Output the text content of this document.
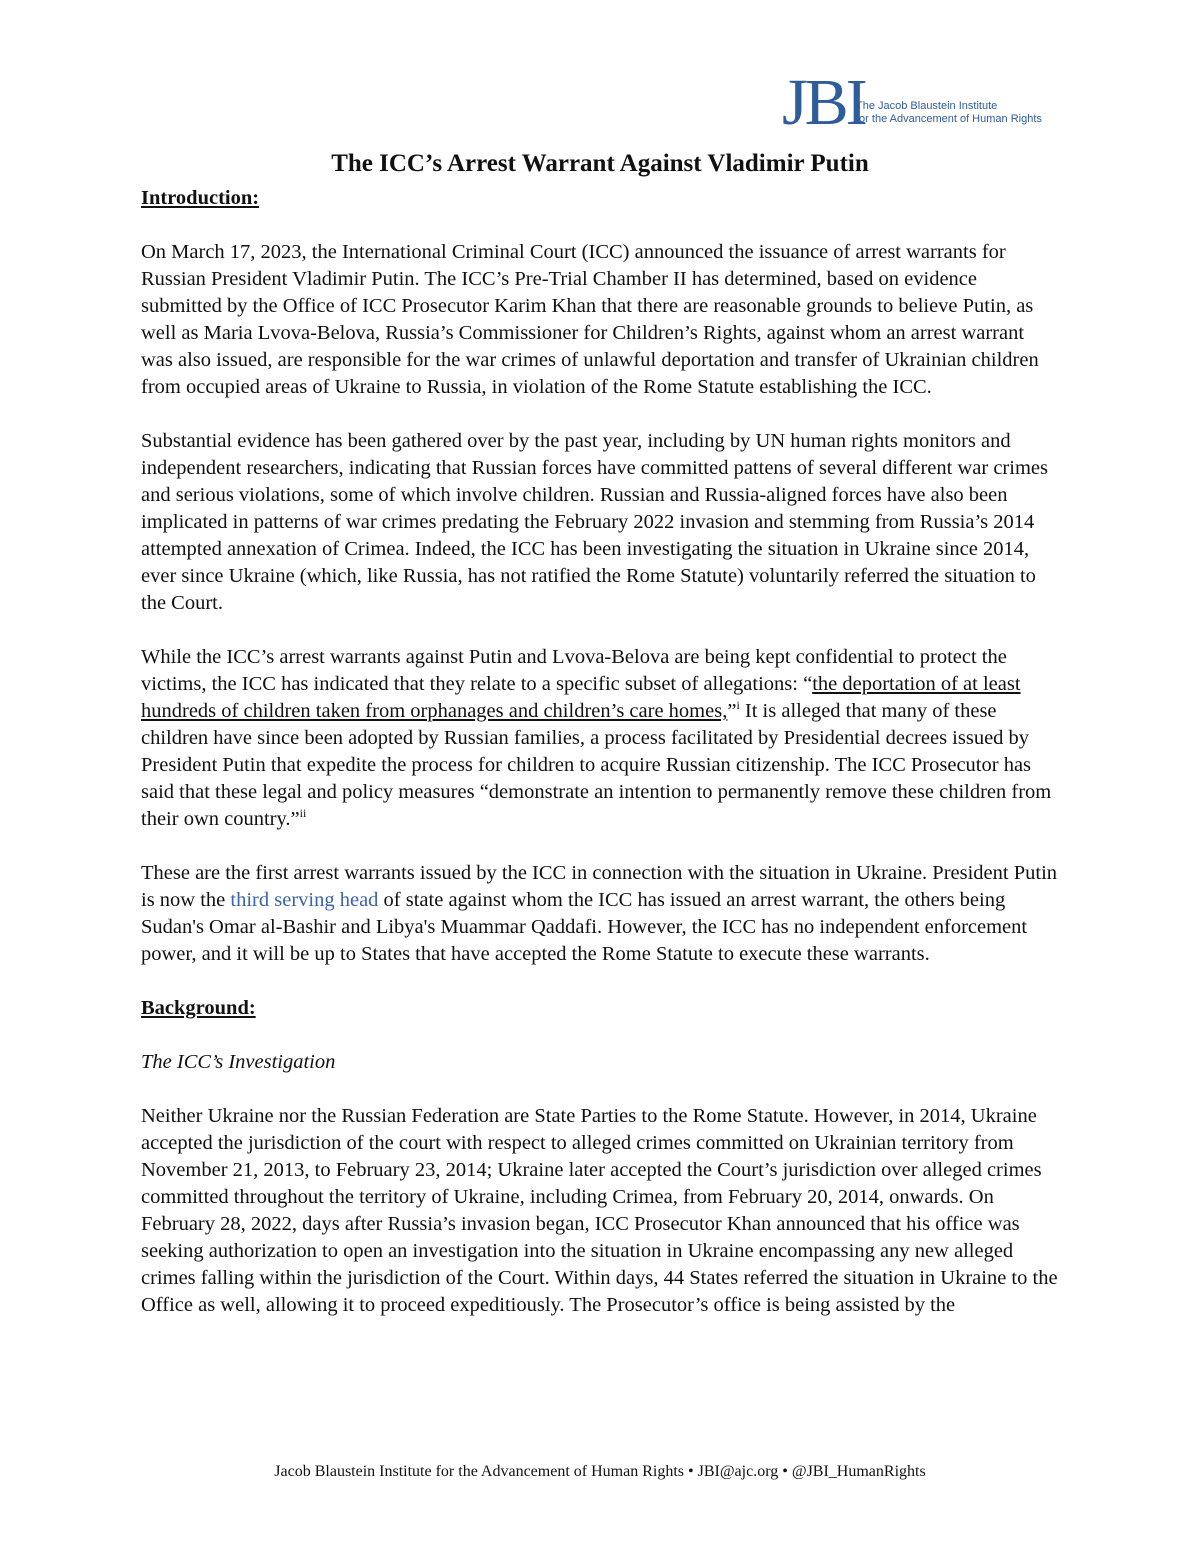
JBI
The Jacob Blaustein Institute
for the Advancement of Human Rights
The ICC’s Arrest Warrant Against Vladimir Putin

Introduction:

On March 17, 2023, the International Criminal Court (ICC) announced the issuance of arrest warrants for Russian President Vladimir Putin. The ICC’s Pre-Trial Chamber II has determined, based on evidence submitted by the Office of ICC Prosecutor Karim Khan that there are reasonable grounds to believe Putin, as well as Maria Lvova-Belova, Russia’s Commissioner for Children’s Rights, against whom an arrest warrant was also issued, are responsible for the war crimes of unlawful deportation and transfer of Ukrainian children from occupied areas of Ukraine to Russia, in violation of the Rome Statute establishing the ICC.

Substantial evidence has been gathered over by the past year, including by UN human rights monitors and independent researchers, indicating that Russian forces have committed pattens of several different war crimes and serious violations, some of which involve children. Russian and Russia-aligned forces have also been implicated in patterns of war crimes predating the February 2022 invasion and stemming from Russia’s 2014 attempted annexation of Crimea. Indeed, the ICC has been investigating the situation in Ukraine since 2014, ever since Ukraine (which, like Russia, has not ratified the Rome Statute) voluntarily referred the situation to the Court.

While the ICC’s arrest warrants against Putin and Lvova-Belova are being kept confidential to protect the victims, the ICC has indicated that they relate to a specific subset of allegations: “the deportation of at least hundreds of children taken from orphanages and children’s care homes,”$^i$ It is alleged that many of these children have since been adopted by Russian families, a process facilitated by Presidential decrees issued by President Putin that expedite the process for children to acquire Russian citizenship. The ICC Prosecutor has said that these legal and policy measures “demonstrate an intention to permanently remove these children from their own country.”$^{ii}$

These are the first arrest warrants issued by the ICC in connection with the situation in Ukraine. President Putin is now the third serving head of state against whom the ICC has issued an arrest warrant, the others being Sudan's Omar al-Bashir and Libya's Muammar Qaddafi. However, the ICC has no independent enforcement power, and it will be up to States that have accepted the Rome Statute to execute these warrants.

Background:

The ICC’s Investigation

Neither Ukraine nor the Russian Federation are State Parties to the Rome Statute. However, in 2014, Ukraine accepted the jurisdiction of the court with respect to alleged crimes committed on Ukrainian territory from November 21, 2013, to February 23, 2014; Ukraine later accepted the Court’s jurisdiction over alleged crimes committed throughout the territory of Ukraine, including Crimea, from February 20, 2014, onwards. On February 28, 2022, days after Russia’s invasion began, ICC Prosecutor Khan announced that his office was seeking authorization to open an investigation into the situation in Ukraine encompassing any new alleged crimes falling within the jurisdiction of the Court. Within days, 44 States referred the situation in Ukraine to the Office as well, allowing it to proceed expeditiously. The Prosecutor’s office is being assisted by the

Jacob Blaustein Institute for the Advancement of Human Rights • JBI@ajc.org • @JBI_HumanRights
